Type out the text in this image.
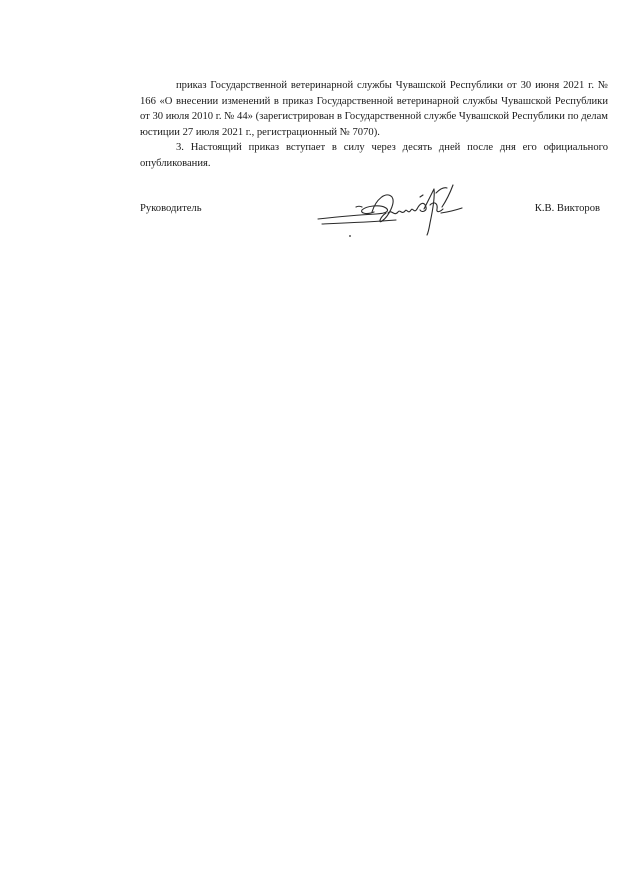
приказ Государственной ветеринарной службы Чувашской Республики от 30 июня 2021 г. № 166 «О внесении изменений в приказ Государственной ветеринарной службы Чувашской Республики от 30 июля 2010 г. № 44» (зарегистрирован в Государственной службе Чувашской Республики по делам юстиции 27 июля 2021 г., регистрационный № 7070).

3. Настоящий приказ вступает в силу через десять дней после дня его официального опубликования.

Руководитель	К.В. Викторов
